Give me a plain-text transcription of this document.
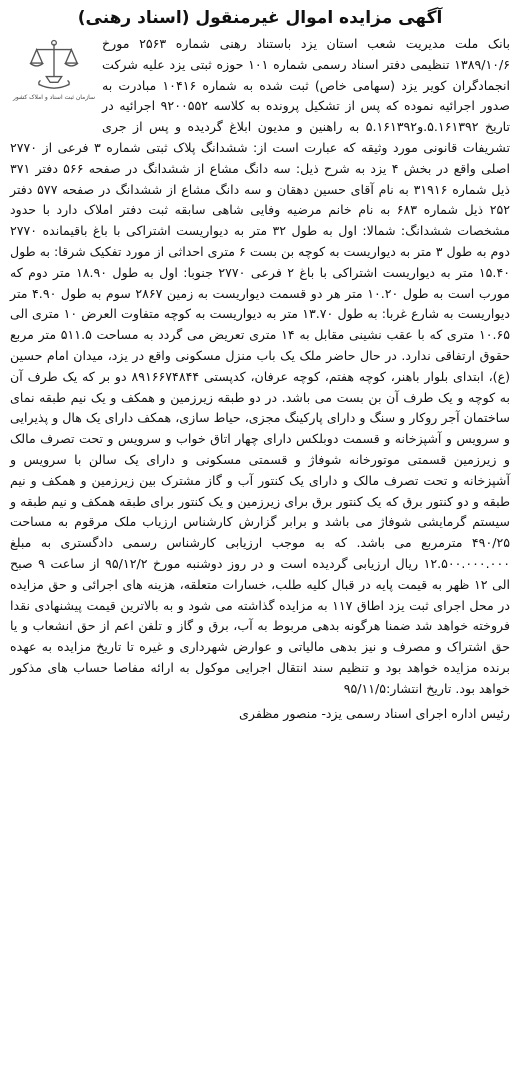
آگهی مزایده اموال غیرمنقول (اسناد رهنی)
سازمان ثبت اسناد و املاک کشور
بانک ملت مدیریت شعب استان یزد باستناد رهنی شماره ۲۵۶۳ مورخ ۱۳۸۹/۱۰/۶ تنظیمی دفتر اسناد رسمی شماره ۱۰۱ حوزه ثبتی یزد علیه شرکت انجمادگران کویر یزد (سهامی خاص) ثبت شده به شماره ۱۰۴۱۶ مبادرت به صدور اجرائیه نموده که پس از تشکیل پرونده به کلاسه ۹۲۰۰۵۵۲ اجرائیه در تاریخ ۵.۱۶۱۳۹۲.و۵.۱۶۱۳۹۲ به راهنین و مدیون ابلاغ گردیده و پس از جری تشریفات قانونی مورد وثیقه که عبارت است از: ششدانگ پلاک ثبتی شماره ۳ فرعی از ۲۷۷۰ اصلی واقع در بخش ۴ یزد به شرح ذیل: سه دانگ مشاع از ششدانگ در صفحه ۵۶۶ دفتر ۳۷۱ ذیل شماره ۳۱۹۱۶ به نام آقای حسین دهقان و سه دانگ مشاع از ششدانگ در صفحه ۵۷۷ دفتر ۲۵۲ ذیل شماره ۶۸۳ به نام خانم مرضیه وفایی شاهی سابقه ثبت دفتر املاک دارد با حدود مشخصات ششدانگ: شمالا: اول به طول ۳۲ متر به دیواریست اشتراکی با باغ باقیمانده ۲۷۷۰ دوم به طول ۳ متر به دیواریست به کوچه بن بست ۶ متری احداثی از مورد تفکیک شرقا: به طول ۱۵.۴۰ متر به دیواریست اشتراکی با باغ ۲ فرعی ۲۷۷۰ جنوبا: اول به طول ۱۸.۹۰ متر دوم که مورب است به طول ۱۰.۲۰ متر هر دو قسمت دیواریست به زمین ۲۸۶۷ سوم به طول ۴.۹۰ متر دیواریست به شارع غربا: به طول ۱۳.۷۰ متر به دیواریست به کوچه متفاوت العرض ۱۰ متری الی ۱۰.۶۵ متری که با عقب نشینی مقابل به ۱۴ متری تعریض می گردد به مساحت ۵۱۱.۵ متر مربع حقوق ارتفاقی ندارد. در حال حاضر ملک یک باب منزل مسکونی واقع در یزد، میدان امام حسین (ع)، ابتدای بلوار باهنر، کوچه هفتم، کوچه عرفان، کدپستی ۸۹۱۶۶۷۴۸۴۴ دو بر که یک طرف آن به کوچه و یک طرف آن بن بست می باشد. در دو طبقه زیرزمین و همکف و یک نیم طبقه نمای ساختمان آجر روکار و سنگ و دارای پارکینگ مجزی، حیاط سازی، همکف دارای یک هال و پذیرایی و سرویس و آشپزخانه و قسمت دوبلکس دارای چهار اتاق خواب و سرویس و تحت تصرف مالک و زیرزمین قسمتی موتورخانه شوفاژ و قسمتی مسکونی و دارای یک سالن با سرویس و آشپزخانه و تحت تصرف مالک و دارای یک کنتور آب و گاز مشترک بین زیرزمین و همکف و نیم طبقه و دو کنتور برق که یک کنتور برق برای زیرزمین و یک کنتور برای طبقه همکف و نیم طبقه و سیستم گرمایشی شوفاژ می باشد و برابر گزارش کارشناس ارزیاب ملک مرقوم به مساحت ۴۹۰/۲۵ مترمربع می باشد. که به موجب ارزیابی کارشناس رسمی دادگستری به مبلغ ۱۲.۵۰۰.۰۰۰.۰۰۰ ریال ارزیابی گردیده است و در روز دوشنبه مورخ ۹۵/۱۲/۲ از ساعت ۹ صبح الی ۱۲ ظهر به قیمت پایه در قبال کلیه طلب، خسارات متعلقه، هزینه های اجرائی و حق مزایده در محل اجرای ثبت یزد اطاق ۱۱۷ به مزایده گذاشته می شود و به بالاترین قیمت پیشنهادی نقدا فروخته خواهد شد ضمنا هرگونه بدهی مربوط به آب، برق و گاز و تلفن اعم از حق انشعاب و یا حق اشتراک و مصرف و نیز بدهی مالیاتی و عوارض شهرداری و غیره تا تاریخ مزایده به عهده برنده مزایده خواهد بود و تنظیم سند انتقال اجرایی موکول به ارائه مفاصا حساب های مذکور خواهد بود. تاریخ انتشار:۹۵/۱۱/۵
رئیس اداره اجرای اسناد رسمی یزد- منصور مظفری
